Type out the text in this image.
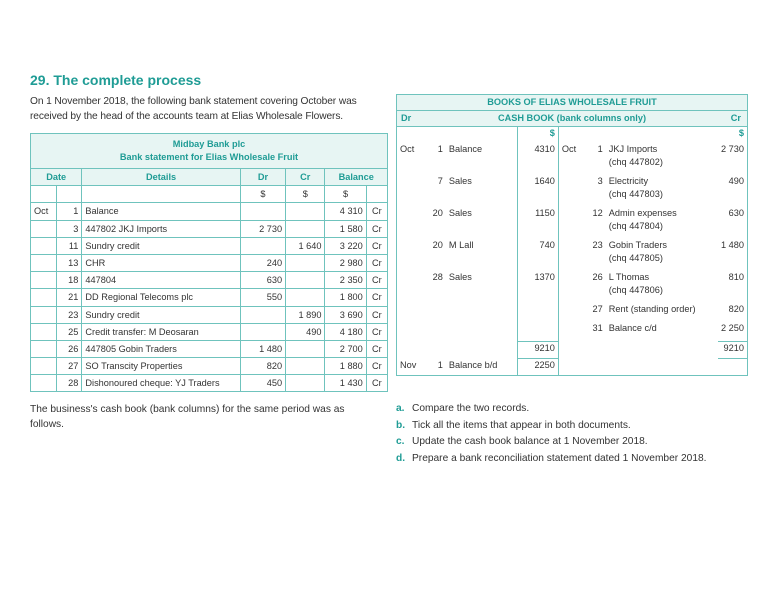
29. The complete process
On 1 November 2018, the following bank statement covering October was received by the head of the accounts team at Elias Wholesale Flowers.
Midbay Bank plc
Bank statement for Elias Wholesale Fruit						
Date		Details	Dr	Cr	Balance	
			$	$	$	
Oct	1	Balance			4 310	Cr
	3	447802 JKJ Imports	2 730		1 580	Cr
	11	Sundry credit		1 640	3 220	Cr
	13	CHR	240		2 980	Cr
	18	447804	630		2 350	Cr
	21	DD Regional Telecoms plc	550		1 800	Cr
	23	Sundry credit		1 890	3 690	Cr
	25	Credit transfer: M Deosaran		490	4 180	Cr
	26	447805 Gobin Traders	1 480		2 700	Cr
	27	SO Transcity Properties	820		1 880	Cr
	28	Dishonoured cheque: YJ Traders	450		1 430	Cr
BOOKS OF ELIAS WHOLESALE FRUIT							

Dr CASH BOOK (bank columns only) Cr							

			$				$
Oct	1	Balance	4310	Oct	1	JKJ Imports
(chq 447802)	2 730
	7	Sales	1640		3	Electricity
(chq 447803)	490
	20	Sales	1150		12	Admin expenses
(chq 447804)	630
	20	M Lall	740		23	Gobin Traders
(chq 447805)	1 480
	28	Sales	1370		26	L Thomas
(chq 447806)	810
					27	Rent (standing order)	820
					31	Balance c/d	2 250
			9210				9210
Nov	1	Balance b/d	2250				
The business's cash book (bank columns) for the same period was as follows.
a. Compare the two records.
b. Tick all the items that appear in both documents.
c. Update the cash book balance at 1 November 2018.
d. Prepare a bank reconciliation statement dated 1 November 2018.
